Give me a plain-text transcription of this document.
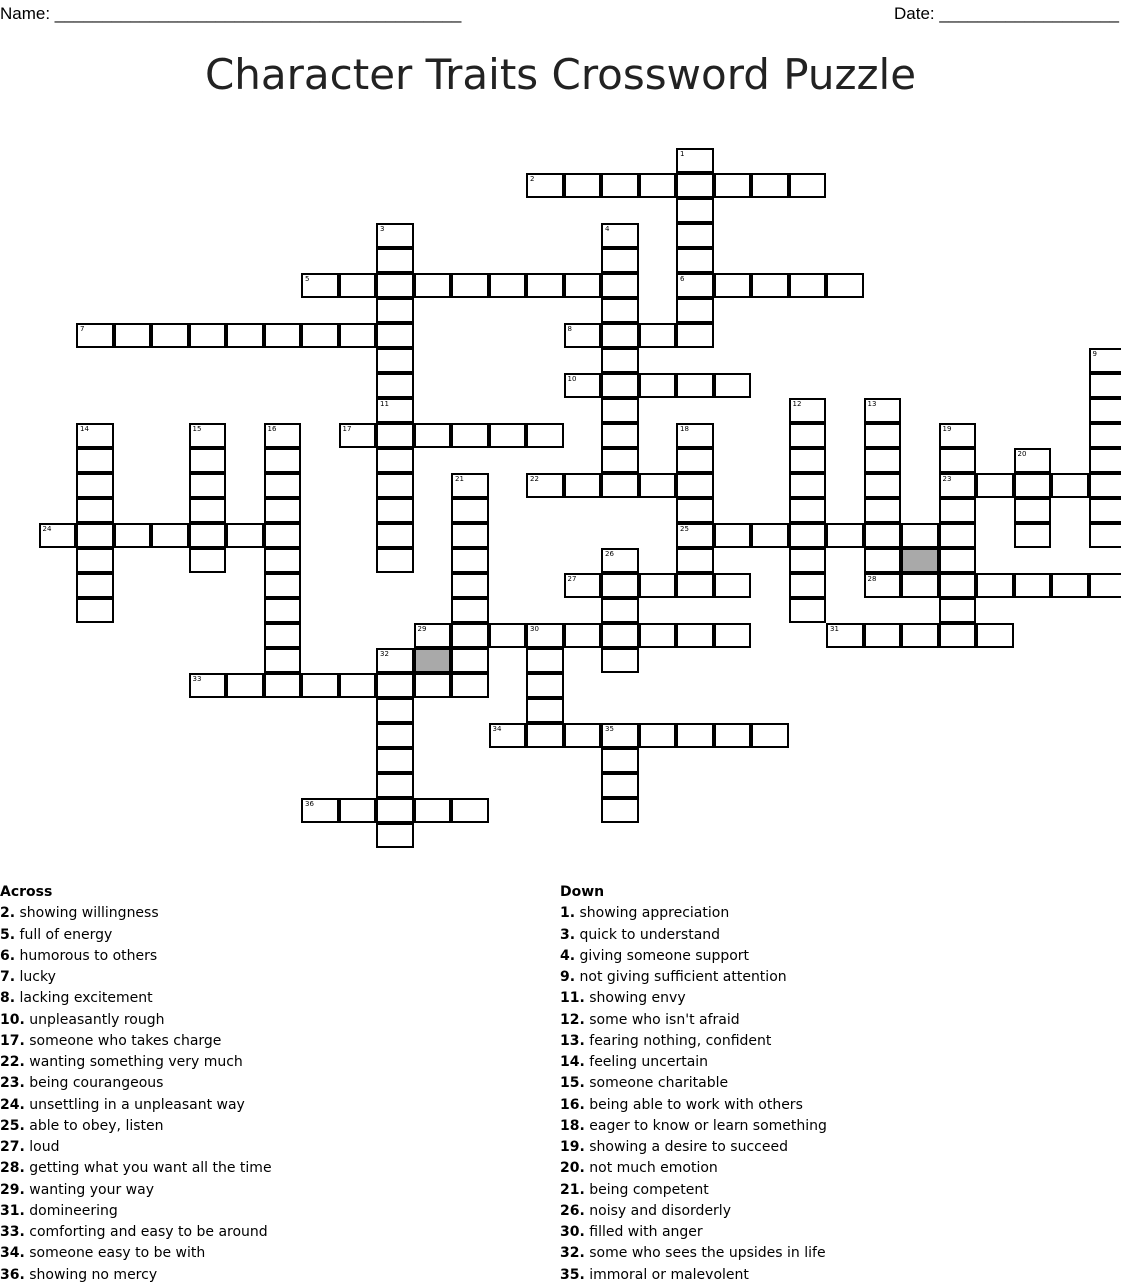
Name: ___________________________________________	Date: ___________________
Character Traits Crossword Puzzle
1
6
2
3	4
5
7	8
9
10
11	12	13
14	15	16	17	18
25
19
23
20
21	22
24
26
27	28
29	30	31
32
33
34	35
36
Across
2. showing willingness
5. full of energy
6. humorous to others
7. lucky
8. lacking excitement
10. unpleasantly rough
17. someone who takes charge
22. wanting something very much
23. being courangeous
24. unsettling in a unpleasant way
25. able to obey, listen
27. loud
28. getting what you want all the time
29. wanting your way
31. domineering
33. comforting and easy to be around
34. someone easy to be with
36. showing no mercy
Down
1. showing appreciation
3. quick to understand
4. giving someone support
9. not giving sufficient attention
11. showing envy
12. some who isn't afraid
13. fearing nothing, confident
14. feeling uncertain
15. someone charitable
16. being able to work with others
18. eager to know or learn something
19. showing a desire to succeed
20. not much emotion
21. being competent
26. noisy and disorderly
30. filled with anger
32. some who sees the upsides in life
35. immoral or malevolent
